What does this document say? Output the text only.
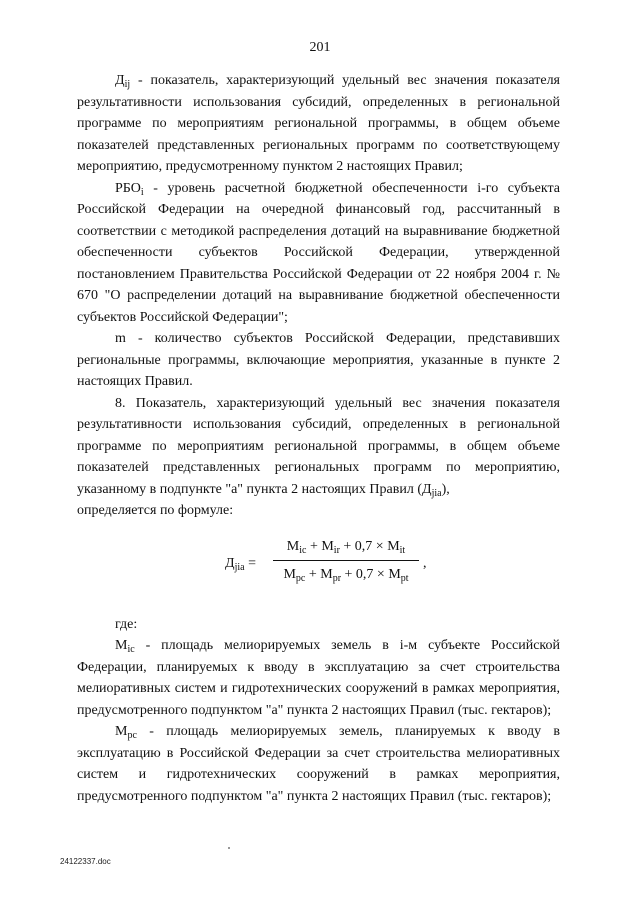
201

$Д_{ij}$ - показатель, характеризующий удельный вес значения показателя результативности использования субсидий, определенных в региональной программе по мероприятиям региональной программы, в общем объеме показателей представленных региональных программ по соответствующему мероприятию, предусмотренному пунктом 2 настоящих Правил;

$РБО_i$ - уровень расчетной бюджетной обеспеченности i-го субъекта Российской Федерации на очередной финансовый год, рассчитанный в соответствии с методикой распределения дотаций на выравнивание бюджетной обеспеченности субъектов Российской Федерации, утвержденной постановлением Правительства Российской Федерации от 22 ноября 2004 г. № 670 "О распределении дотаций на выравнивание бюджетной обеспеченности субъектов Российской Федерации";

m - количество субъектов Российской Федерации, представивших региональные программы, включающие мероприятия, указанные в пункте 2 настоящих Правил.

8. Показатель, характеризующий удельный вес значения показателя результативности использования субсидий, определенных в региональной программе по мероприятиям региональной программы, в общем объеме показателей представленных региональных программ по мероприятию, указанному в подпункте "а" пункта 2 настоящих Правил $(Д_{jia})$,

определяется по формуле:

$Д_{jia}$ =
$М_{ic} + М_{ir} + 0,7 \times М_{it}$
$М_{pc} + М_{pr} + 0,7 \times М_{pt}$
,

где:

$М_{ic}$ - площадь мелиорируемых земель в i-м субъекте Российской Федерации, планируемых к вводу в эксплуатацию за счет строительства мелиоративных систем и гидротехнических сооружений в рамках мероприятия, предусмотренного подпунктом "а" пункта 2 настоящих Правил (тыс. гектаров);

$М_{pc}$ - площадь мелиорируемых земель, планируемых к вводу в эксплуатацию в Российской Федерации за счет строительства мелиоративных систем и гидротехнических сооружений в рамках мероприятия, предусмотренного подпунктом "а" пункта 2 настоящих Правил (тыс. гектаров);

24122337.doc
